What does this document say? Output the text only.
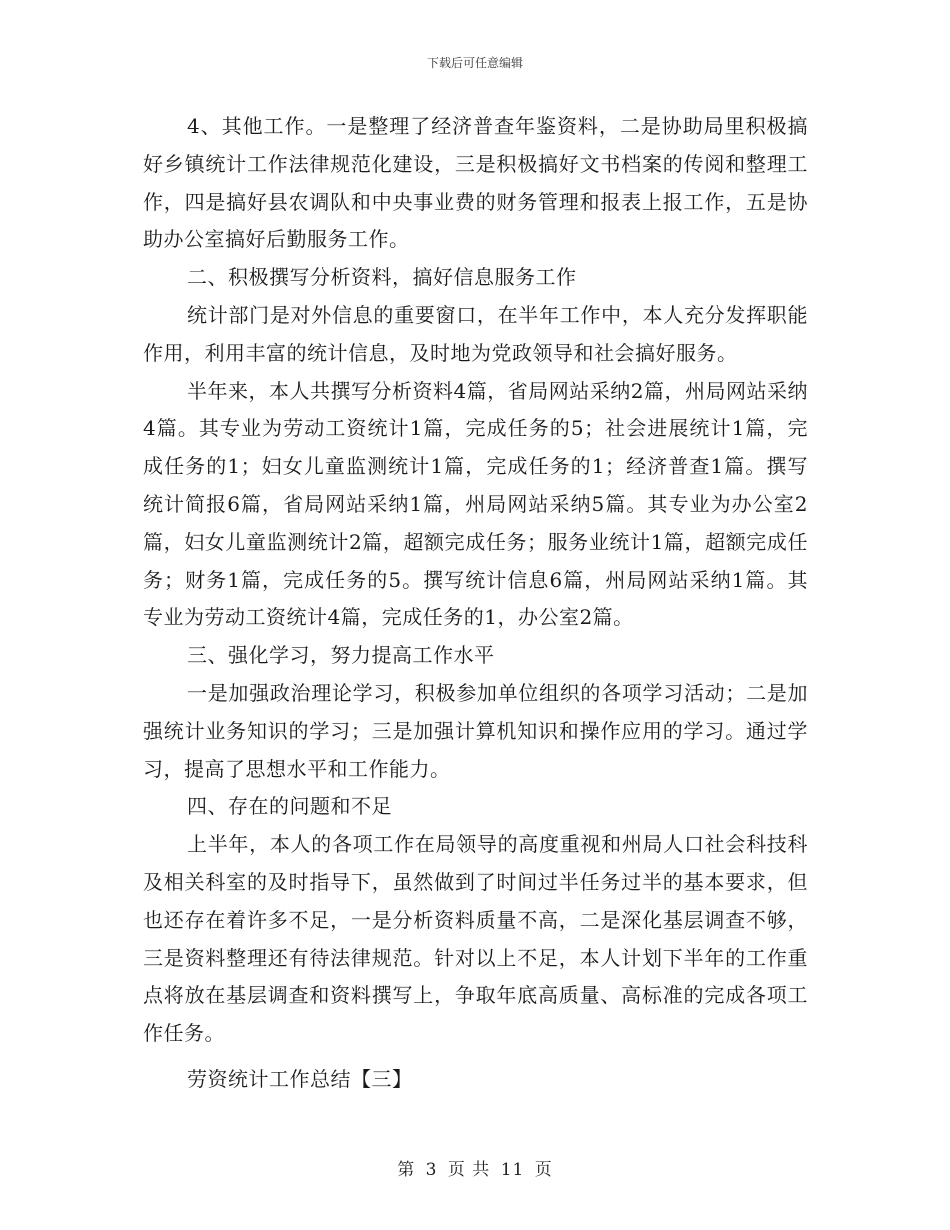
下载后可任意编辑

4、其他工作。一是整理了经济普查年鉴资料，二是协助局里积极搞好乡镇统计工作法律规范化建设，三是积极搞好文书档案的传阅和整理工作，四是搞好县农调队和中央事业费的财务管理和报表上报工作，五是协助办公室搞好后勤服务工作。

二、积极撰写分析资料，搞好信息服务工作

统计部门是对外信息的重要窗口，在半年工作中，本人充分发挥职能作用，利用丰富的统计信息，及时地为党政领导和社会搞好服务。

半年来，本人共撰写分析资料4篇，省局网站采纳2篇，州局网站采纳4篇。其专业为劳动工资统计1篇，完成任务的5；社会进展统计1篇，完成任务的1；妇女儿童监测统计1篇，完成任务的1；经济普查1篇。撰写统计简报6篇，省局网站采纳1篇，州局网站采纳5篇。其专业为办公室2篇，妇女儿童监测统计2篇，超额完成任务；服务业统计1篇，超额完成任务；财务1篇，完成任务的5。撰写统计信息6篇，州局网站采纳1篇。其专业为劳动工资统计4篇，完成任务的1，办公室2篇。

三、强化学习，努力提高工作水平

一是加强政治理论学习，积极参加单位组织的各项学习活动；二是加强统计业务知识的学习；三是加强计算机知识和操作应用的学习。通过学习，提高了思想水平和工作能力。

四、存在的问题和不足

上半年，本人的各项工作在局领导的高度重视和州局人口社会科技科及相关科室的及时指导下，虽然做到了时间过半任务过半的基本要求，但也还存在着许多不足，一是分析资料质量不高，二是深化基层调查不够，三是资料整理还有待法律规范。针对以上不足，本人计划下半年的工作重点将放在基层调查和资料撰写上，争取年底高质量、高标准的完成各项工作任务。

劳资统计工作总结【三】

第 3 页 共 11 页
